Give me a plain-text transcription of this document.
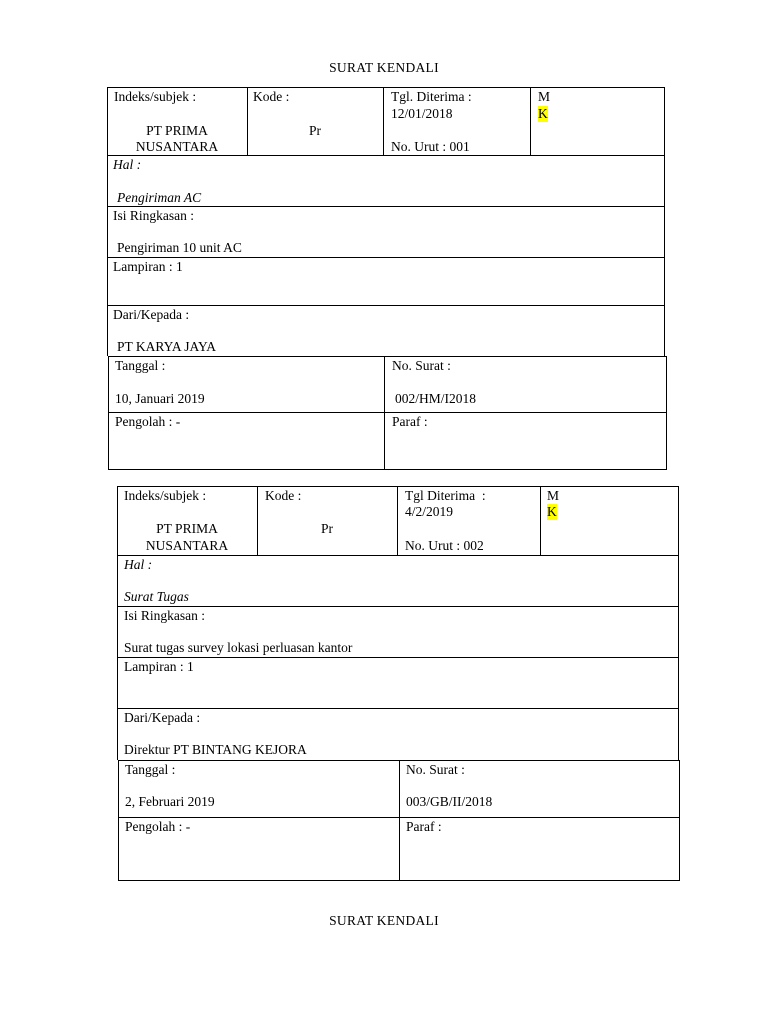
SURAT KENDALI
Indeks/subjek :
PT PRIMA
NUSANTARA
Kode :
Pr
Tgl. Diterima :
12/01/2018
No. Urut : 001
M
K
Hal :
Pengiriman AC
Isi Ringkasan :
Pengiriman 10 unit AC
Lampiran : 1
Dari/Kepada :
PT KARYA JAYA
Tanggal :
10, Januari 2019
No. Surat :
002/HM/I2018
Pengolah : -	Paraf :
Indeks/subjek :
PT PRIMA
NUSANTARA
Kode :
Pr
Tgl Diterima  :
4/2/2019
No. Urut : 002
M
K
Hal :
Surat Tugas
Isi Ringkasan :
Surat tugas survey lokasi perluasan kantor
Lampiran : 1
Dari/Kepada :
Direktur PT BINTANG KEJORA
Tanggal :
2, Februari 2019
No. Surat :
003/GB/II/2018
Pengolah : -	Paraf :
SURAT KENDALI
